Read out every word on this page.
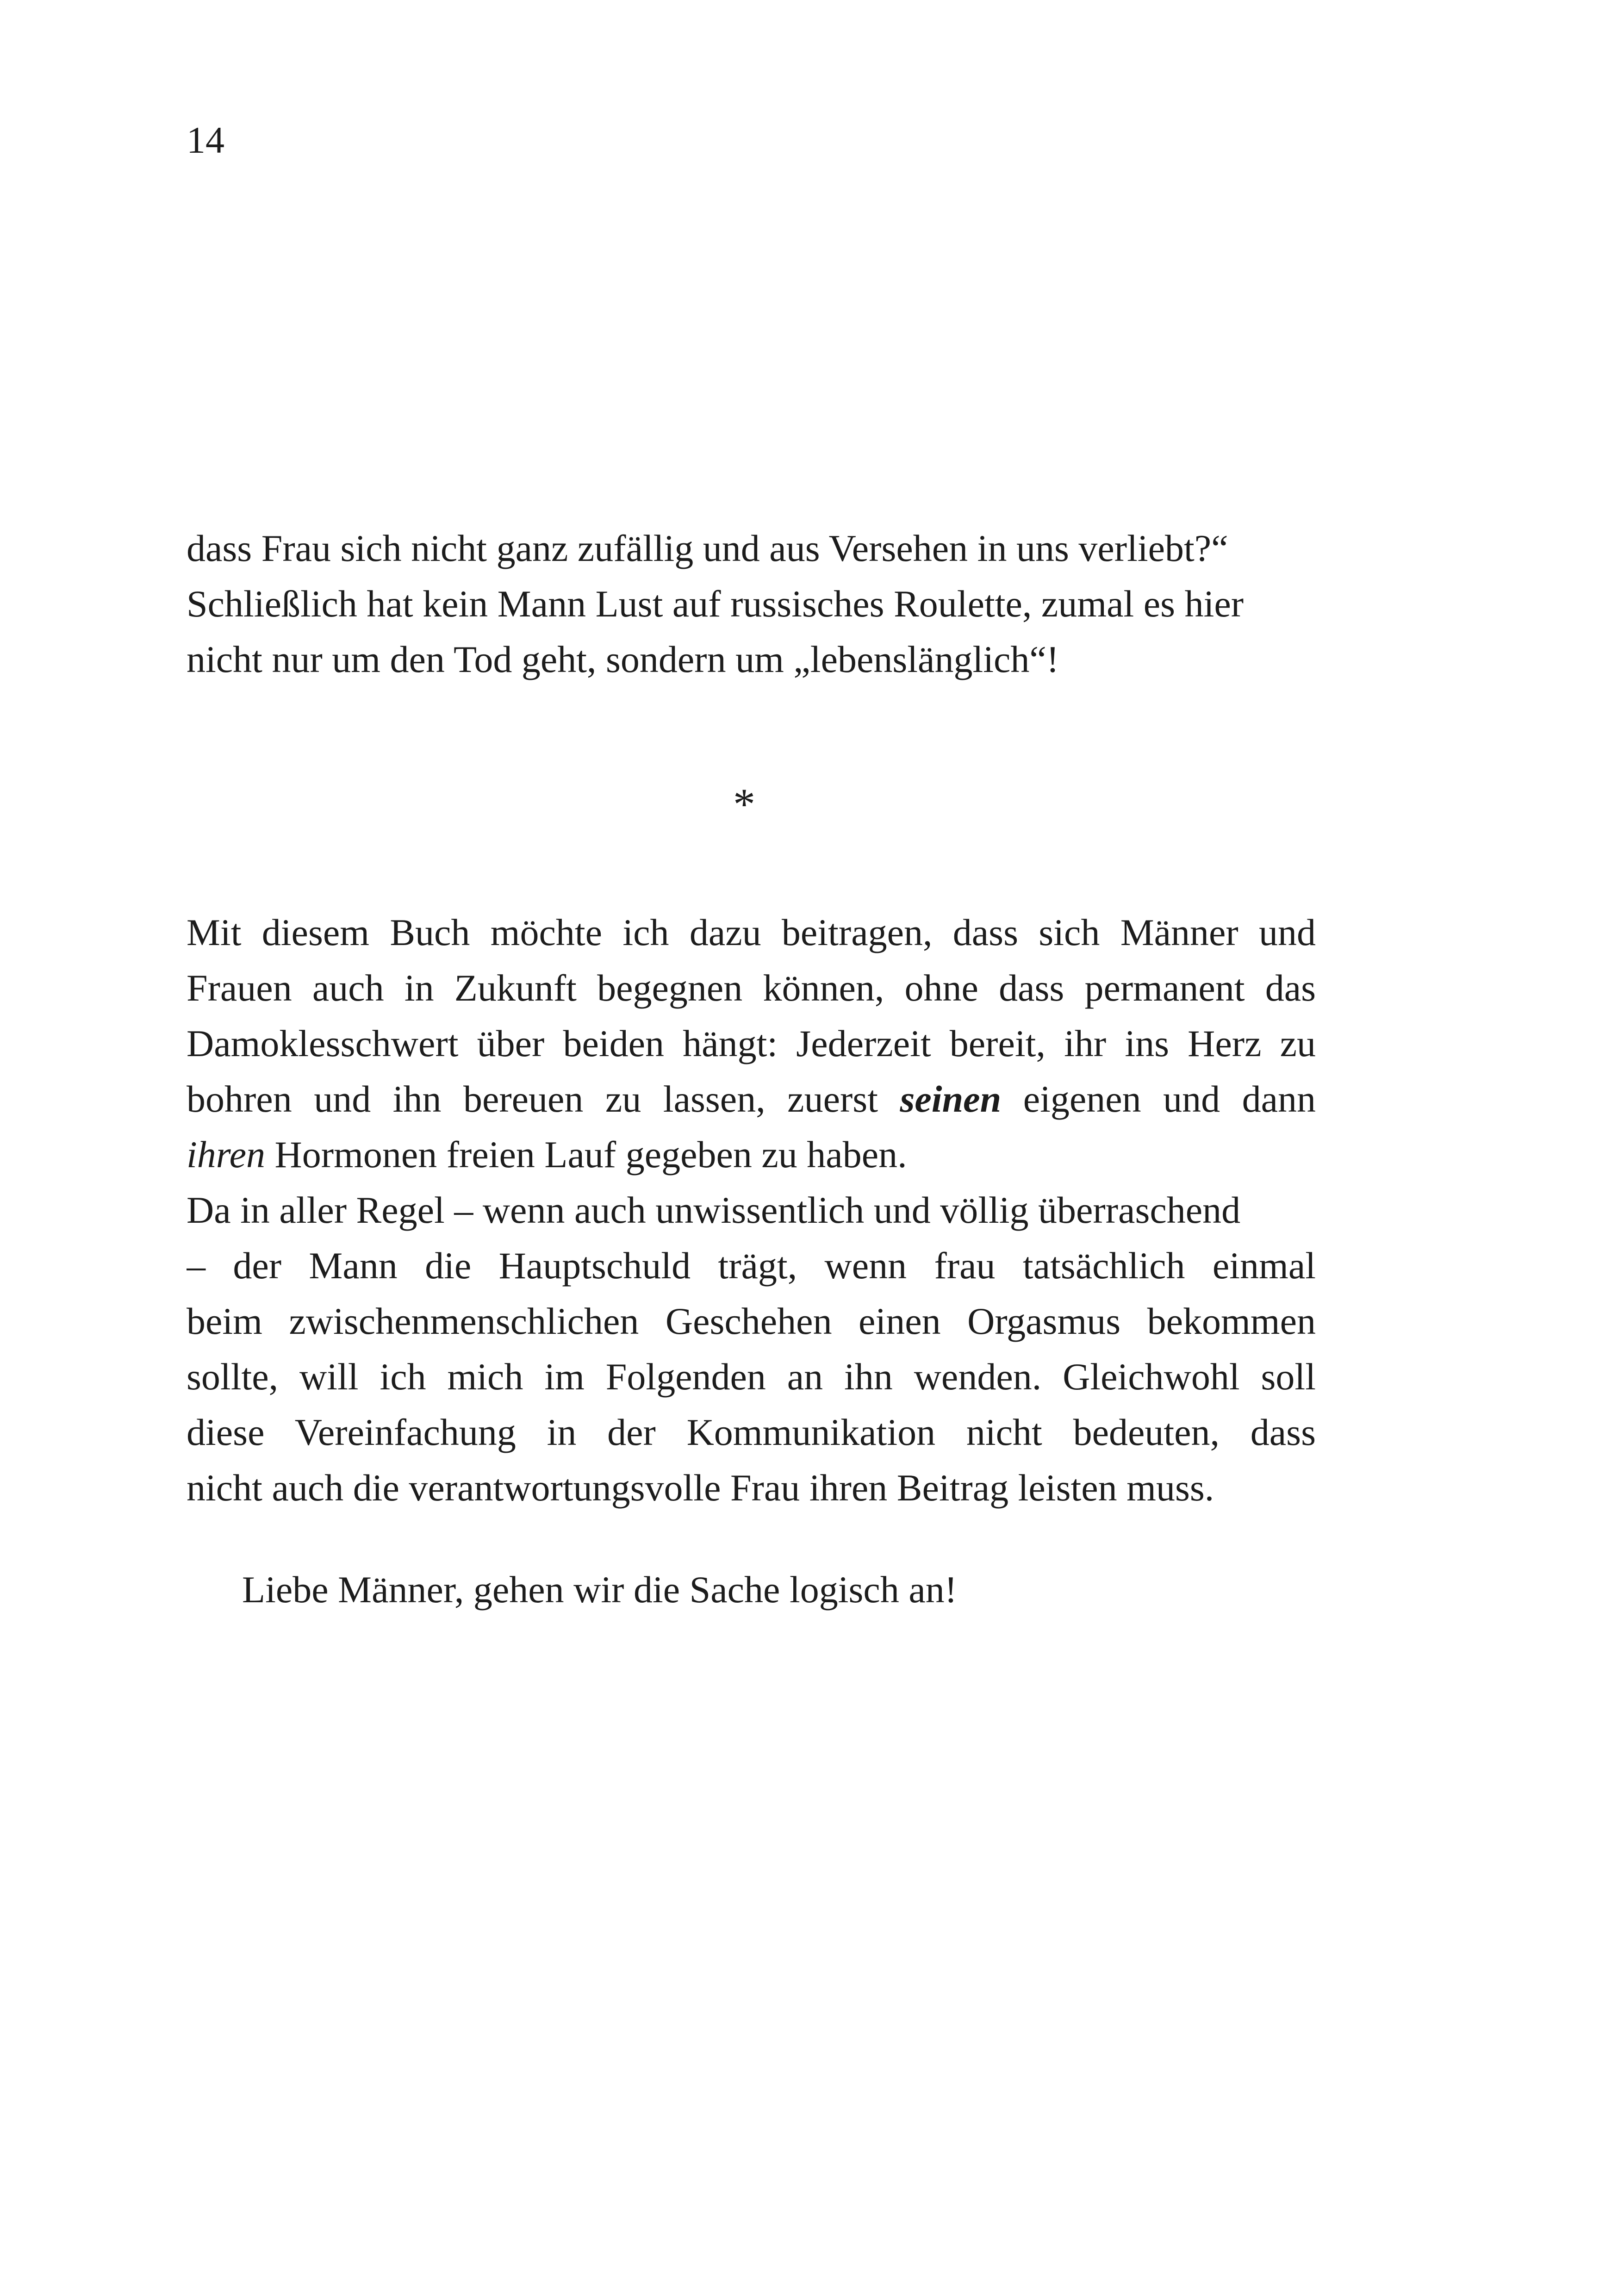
14
dass Frau sich nicht ganz zufällig und aus Versehen in uns verliebt?“
Schließlich hat kein Mann Lust auf russisches Roulette, zumal es hier
nicht nur um den Tod geht, sondern um „lebenslänglich“!
*
Mit diesem Buch möchte ich dazu beitragen, dass sich Männer und
Frauen auch in Zukunft begegnen können, ohne dass permanent das
Damoklesschwert über beiden hängt: Jederzeit bereit, ihr ins Herz zu
bohren und ihn bereuen zu lassen, zuerst seinen eigenen und dann
ihren Hormonen freien Lauf gegeben zu haben.
Da in aller Regel – wenn auch unwissentlich und völlig überraschend
– der Mann die Hauptschuld trägt, wenn frau tatsächlich einmal
beim zwischenmenschlichen Geschehen einen Orgasmus bekommen
sollte, will ich mich im Folgenden an ihn wenden. Gleichwohl soll
diese Vereinfachung in der Kommunikation nicht bedeuten, dass
nicht auch die verantwortungsvolle Frau ihren Beitrag leisten muss.
Liebe Männer, gehen wir die Sache logisch an!
